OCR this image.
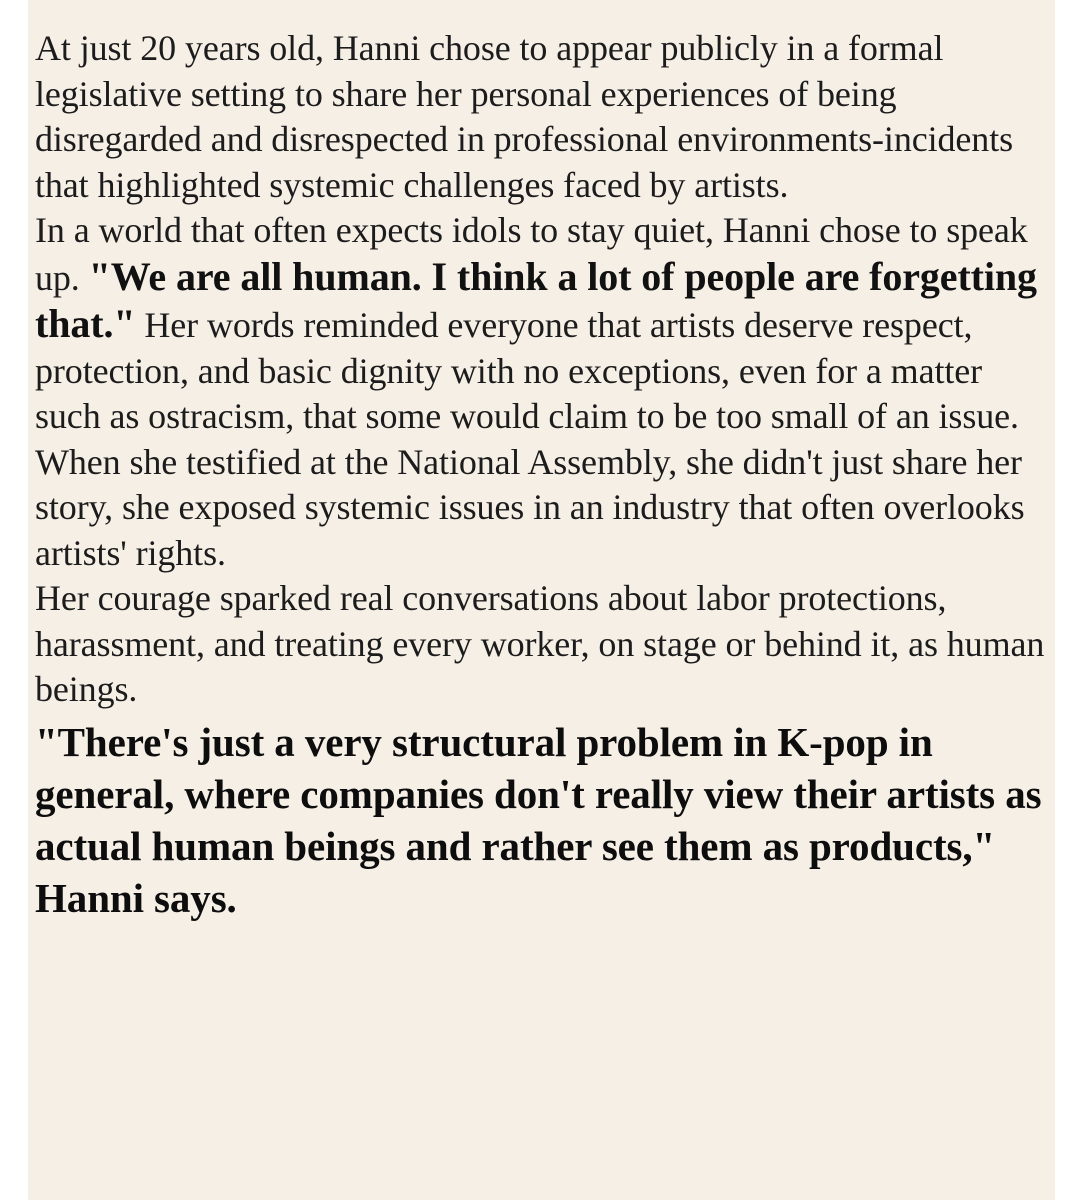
At just 20 years old, Hanni chose to appear publicly in a formal legislative setting to share her personal experiences of being disregarded and disrespected in professional environments-incidents that highlighted systemic challenges faced by artists.

In a world that often expects idols to stay quiet, Hanni chose to speak up. "We are all human. I think a lot of people are forgetting that." Her words reminded everyone that artists deserve respect, protection, and basic dignity with no exceptions, even for a matter such as ostracism, that some would claim to be too small of an issue.

When she testified at the National Assembly, she didn't just share her story, she exposed systemic issues in an industry that often overlooks artists' rights.

Her courage sparked real conversations about labor protections, harassment, and treating every worker, on stage or behind it, as human beings.

"There's just a very structural problem in K-pop in general, where companies don't really view their artists as actual human beings and rather see them as products," Hanni says.
